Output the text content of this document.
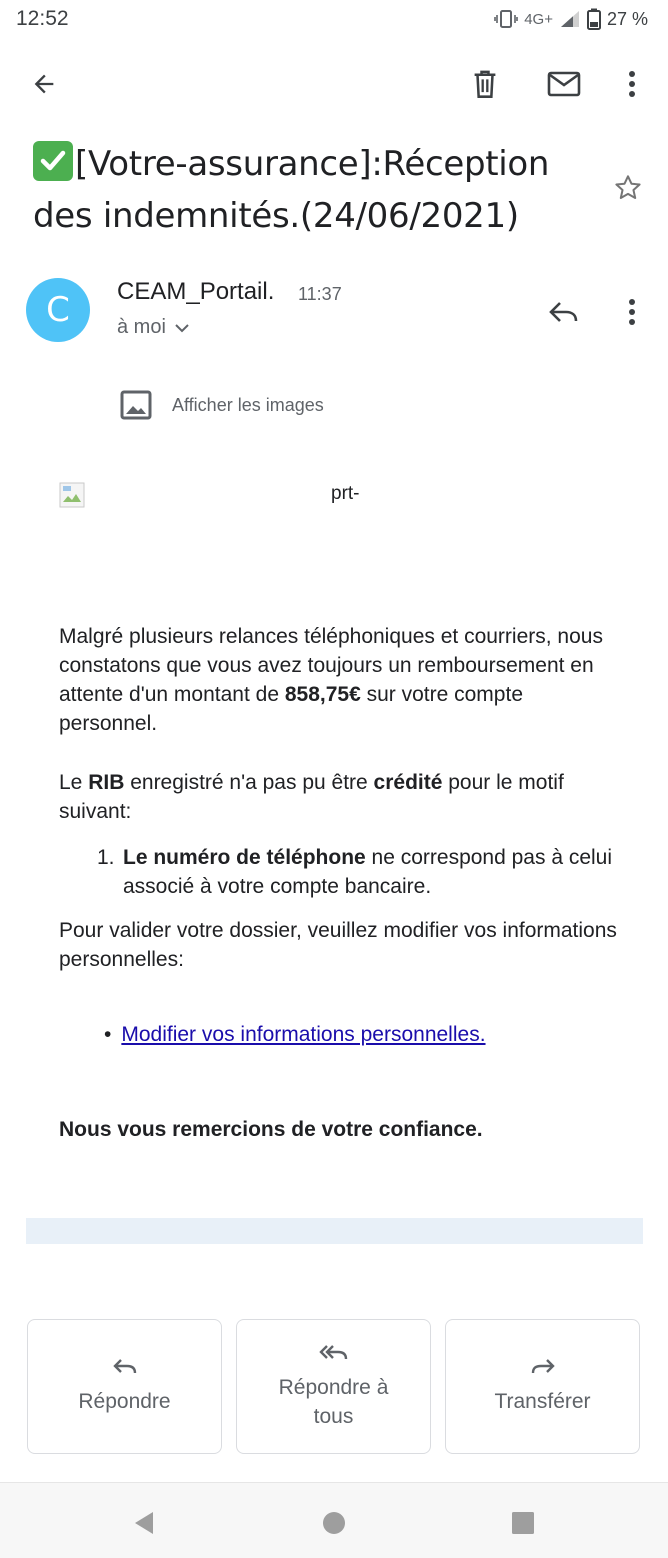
12:52	4G+	27 %
[Votre-assurance]:Réception des indemnités.(24/06/2021)
C	CEAM_Portail. 11:37
à moi
Afficher les images
prt-

Malgré plusieurs relances téléphoniques et courriers, nous constatons que vous avez toujours un remboursement en attente d'un montant de 858,75€ sur votre compte personnel.

Le RIB enregistré n'a pas pu être crédité pour le motif suivant:

1. Le numéro de téléphone ne correspond pas à celui associé à votre compte bancaire.

Pour valider votre dossier, veuillez modifier vos informations personnelles:

• Modifier vos informations personnelles.

Nous vous remercions de votre confiance.

Répondre
Répondre à tous
Transférer
